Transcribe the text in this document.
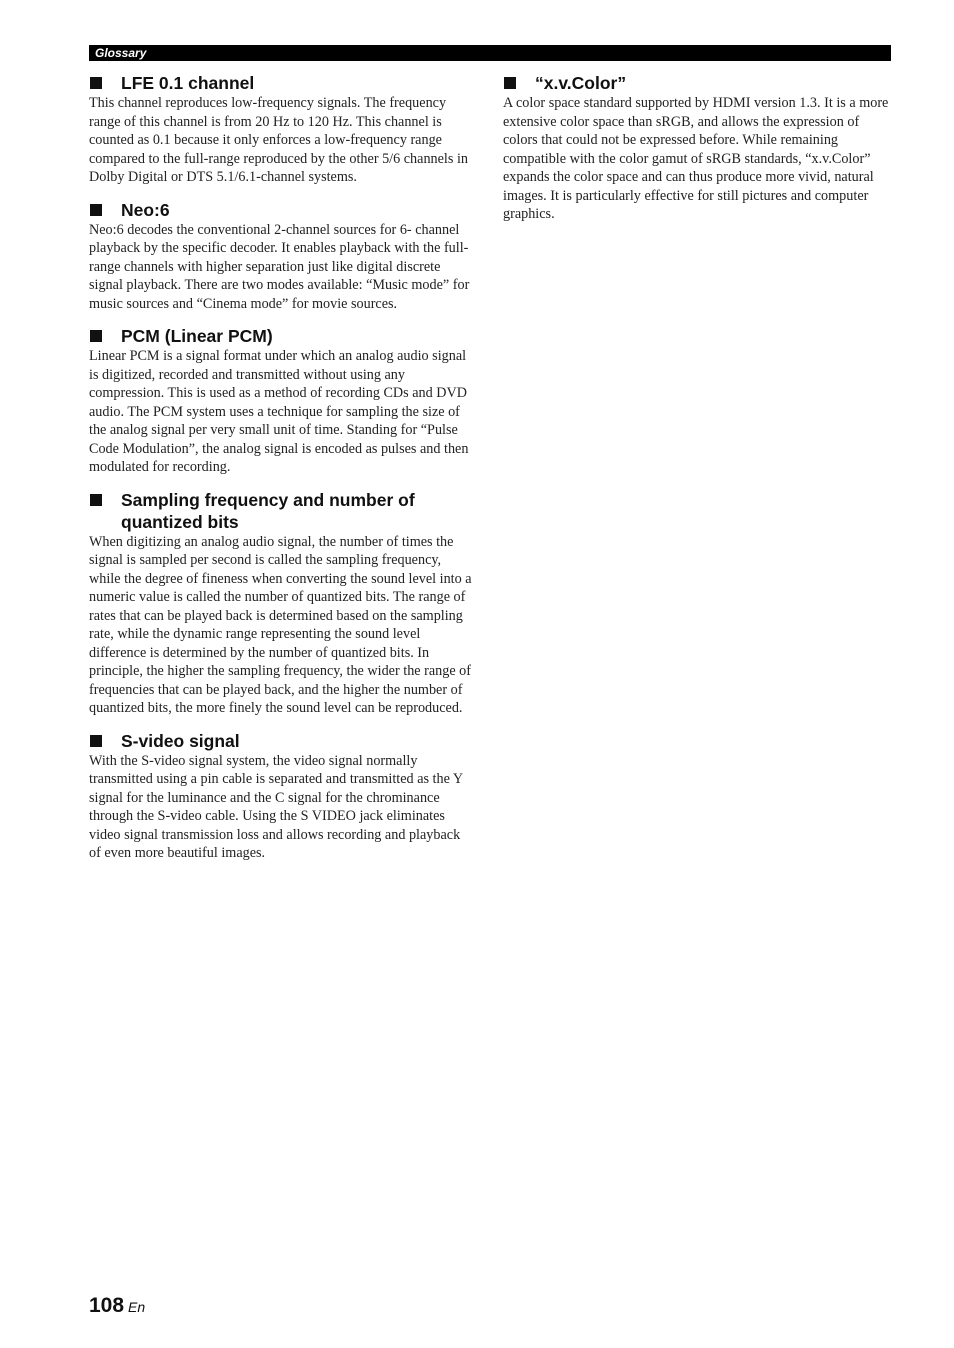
Glossary
LFE 0.1 channel

This channel reproduces low-frequency signals. The frequency range of this channel is from 20 Hz to 120 Hz. This channel is counted as 0.1 because it only enforces a low-frequency range compared to the full-range reproduced by the other 5/6 channels in Dolby Digital or DTS 5.1/6.1-channel systems.

Neo:6

Neo:6 decodes the conventional 2-channel sources for 6- channel playback by the specific decoder. It enables playback with the full-range channels with higher separation just like digital discrete signal playback. There are two modes available: “Music mode” for music sources and “Cinema mode” for movie sources.

PCM (Linear PCM)

Linear PCM is a signal format under which an analog audio signal is digitized, recorded and transmitted without using any compression. This is used as a method of recording CDs and DVD audio. The PCM system uses a technique for sampling the size of the analog signal per very small unit of time. Standing for “Pulse Code Modulation”, the analog signal is encoded as pulses and then modulated for recording.

Sampling frequency and number of quantized bits

When digitizing an analog audio signal, the number of times the signal is sampled per second is called the sampling frequency, while the degree of fineness when converting the sound level into a numeric value is called the number of quantized bits. The range of rates that can be played back is determined based on the sampling rate, while the dynamic range representing the sound level difference is determined by the number of quantized bits. In principle, the higher the sampling frequency, the wider the range of frequencies that can be played back, and the higher the number of quantized bits, the more finely the sound level can be reproduced.

S-video signal

With the S-video signal system, the video signal normally transmitted using a pin cable is separated and transmitted as the Y signal for the luminance and the C signal for the chrominance through the S-video cable. Using the S VIDEO jack eliminates video signal transmission loss and allows recording and playback of even more beautiful images.

“x.v.Color”

A color space standard supported by HDMI version 1.3. It is a more extensive color space than sRGB, and allows the expression of colors that could not be expressed before. While remaining compatible with the color gamut of sRGB standards, “x.v.Color” expands the color space and can thus produce more vivid, natural images. It is particularly effective for still pictures and computer graphics.

108 En
